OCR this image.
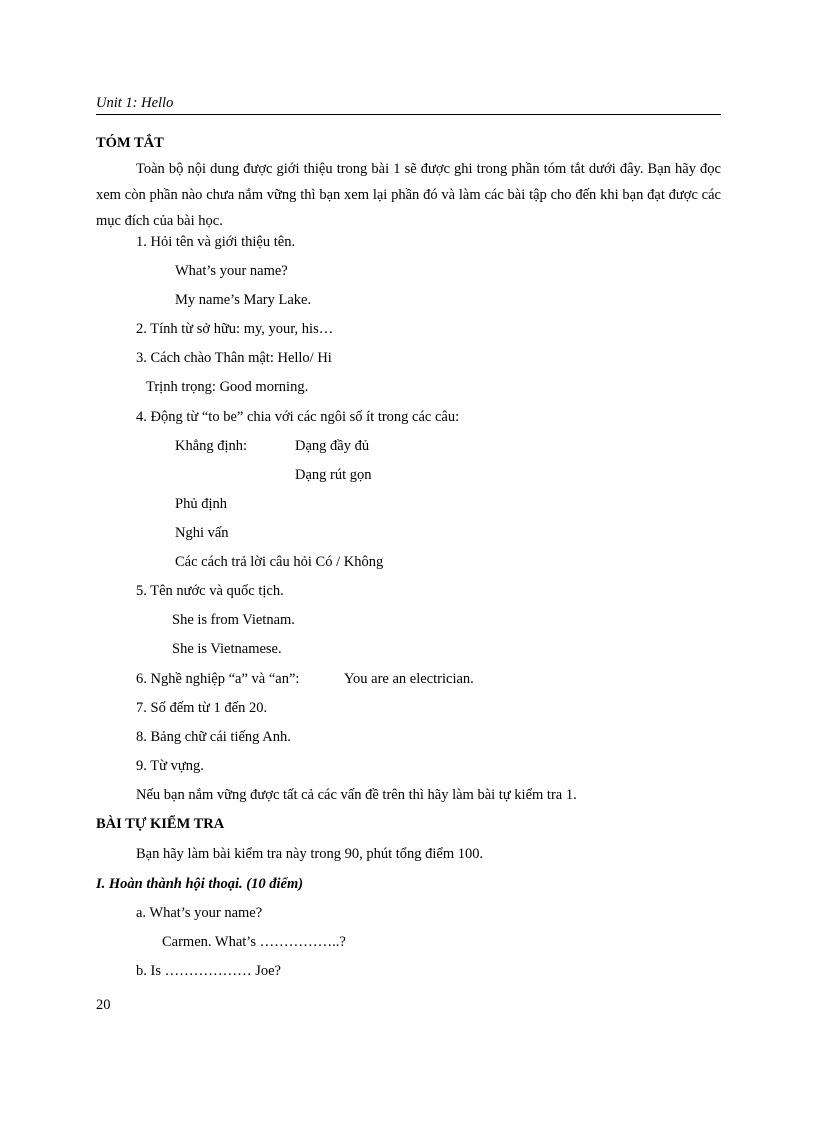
Unit 1: Hello
TÓM TẮT
Toàn bộ nội dung được giới thiệu trong bài 1 sẽ được ghi trong phần tóm tắt dưới đây. Bạn hãy đọc xem còn phần nào chưa nắm vững thì bạn xem lại phần đó và làm các bài tập cho đến khi bạn đạt được các mục đích của bài học.
1. Hỏi tên và giới thiệu tên.
What’s your name?
My name’s Mary Lake.
2. Tính từ sở hữu: my, your, his…
3. Cách chào Thân mật: Hello/ Hi
Trịnh trọng: Good morning.
4. Động từ “to be” chia với các ngôi số ít trong các câu:
Khẳng định:	Dạng đầy đủ
Dạng rút gọn
Phủ định
Nghi vấn
Các cách trả lời câu hỏi Có / Không
5. Tên nước và quốc tịch.
She is from Vietnam.
She is Vietnamese.
6. Nghề nghiệp “a” và “an”:	You are an electrician.
7. Số đếm từ 1 đến 20.
8. Bảng chữ cái tiếng Anh.
9. Từ vựng.
Nếu bạn nắm vững được tất cả các vấn đề trên thì hãy làm bài tự kiểm tra 1.
BÀI TỰ KIỂM TRA
Bạn hãy làm bài kiểm tra này trong 90, phút tổng điểm 100.
I. Hoàn thành hội thoại. (10 điểm)
a. What’s your name?
Carmen. What’s ……………..?
b. Is ……………… Joe?
20
